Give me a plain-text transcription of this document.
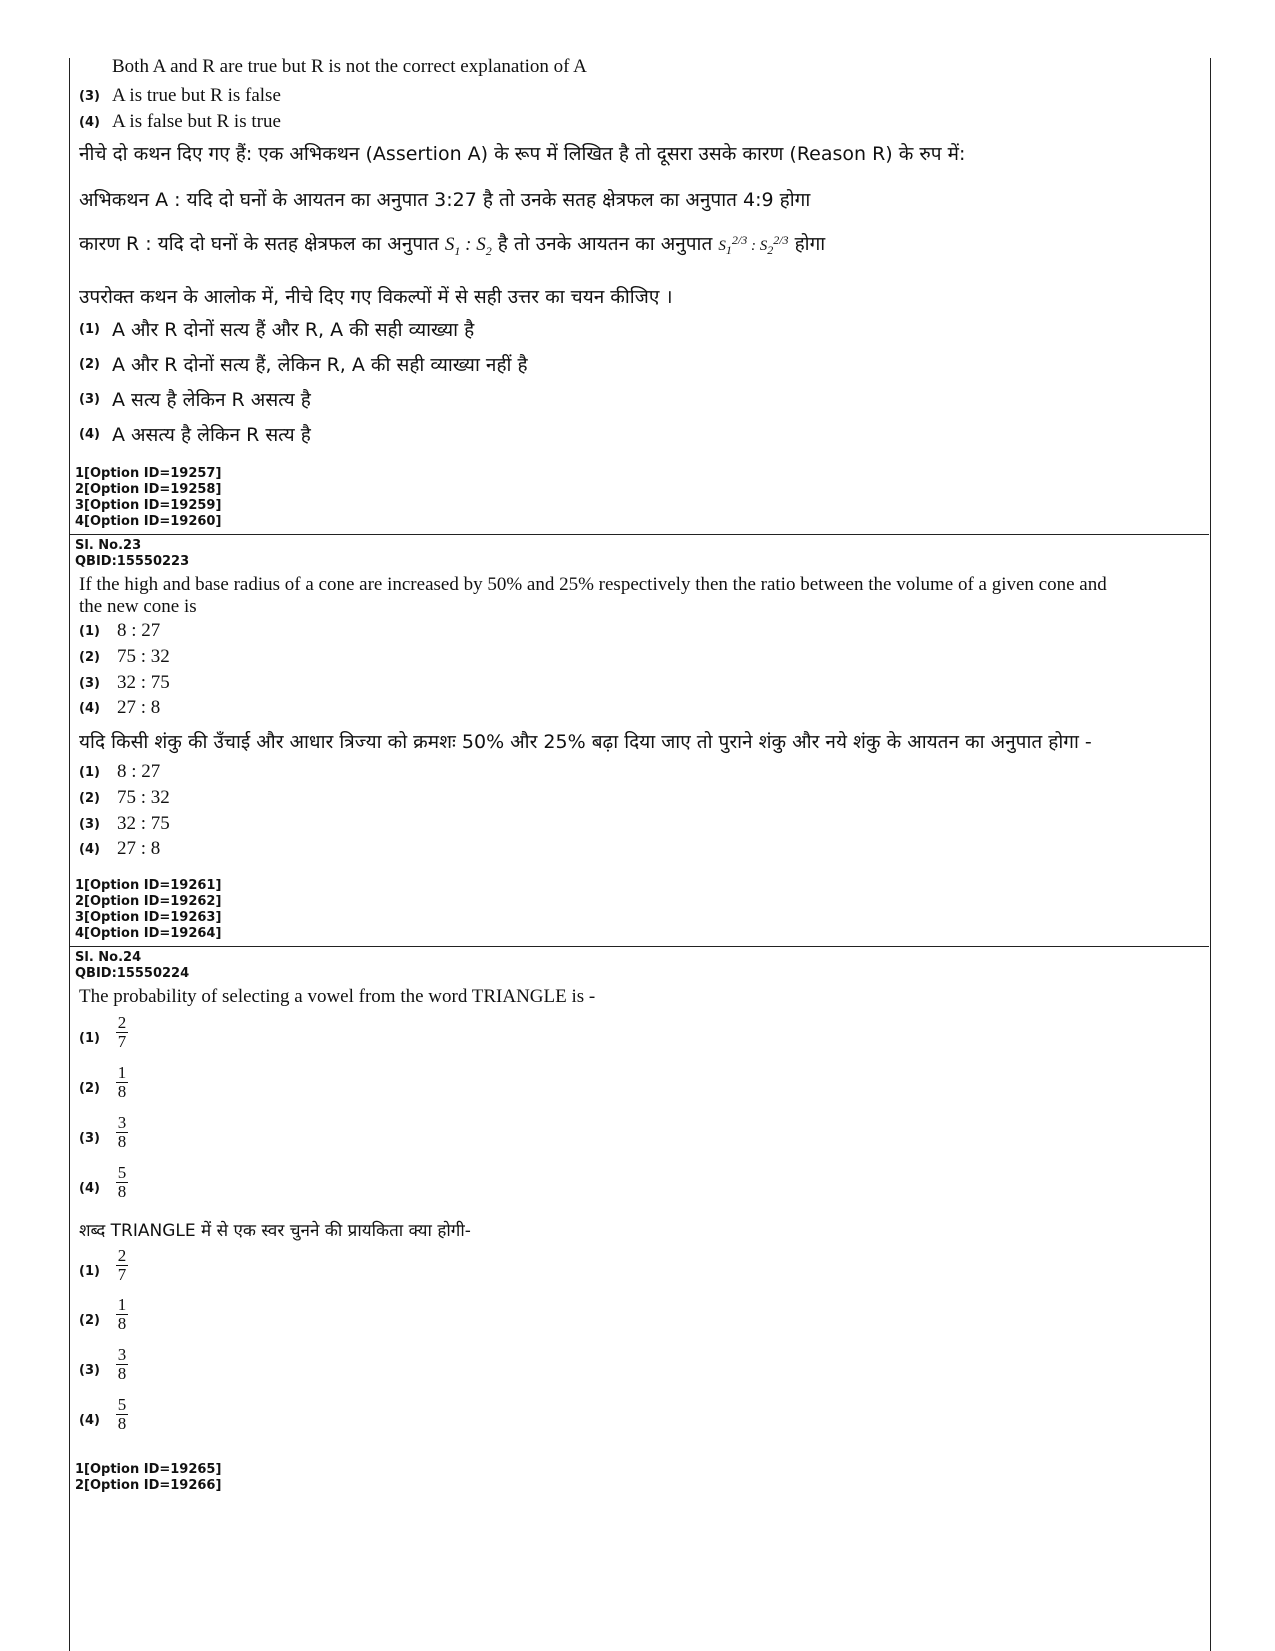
Both A and R are true but R is not the correct explanation of A
(3) A is true but R is false
(4) A is false but R is true
नीचे दो कथन दिए गए हैं: एक अभिकथन (Assertion A) के रूप में लिखित है तो दूसरा उसके कारण (Reason R) के रुप में:
अभिकथन A : यदि दो घनों के आयतन का अनुपात 3:27 है तो उनके सतह क्षेत्रफल का अनुपात 4:9 होगा
कारण R : यदि दो घनों के सतह क्षेत्रफल का अनुपात $S_1$ : $S_2$ है तो उनके आयतन का अनुपात $S_1^{2/3}$ : $S_2^{2/3}$ होगा
उपरोक्त कथन के आलोक में, नीचे दिए गए विकल्पों में से सही उत्तर का चयन कीजिए ।
(1) A और R दोनों सत्य हैं और R, A की सही व्याख्या है
(2) A और R दोनों सत्य हैं, लेकिन R, A की सही व्याख्या नहीं है
(3) A सत्य है लेकिन R असत्य है
(4) A असत्य है लेकिन R सत्य है
1[Option ID=19257]
2[Option ID=19258]
3[Option ID=19259]
4[Option ID=19260]
Sl. No.23
QBID:15550223
If the high and base radius of a cone are increased by 50% and 25% respectively then the ratio between the volume of a given cone and
the new cone is
(1) 8 : 27
(2) 75 : 32
(3) 32 : 75
(4) 27 : 8
यदि किसी शंकु की उँचाई और आधार त्रिज्या को क्रमशः 50% और 25% बढ़ा दिया जाए तो पुराने शंकु और नये शंकु के आयतन का अनुपात होगा -
(1) 8 : 27
(2) 75 : 32
(3) 32 : 75
(4) 27 : 8
1[Option ID=19261]
2[Option ID=19262]
3[Option ID=19263]
4[Option ID=19264]
Sl. No.24
QBID:15550224
The probability of selecting a vowel from the word TRIANGLE is -
(1)
2
7
(2)
1
8
(3)
3
8
(4)
5
8
शब्द TRIANGLE में से एक स्वर चुनने की प्रायकिता क्या होगी-
(1)
2
7
(2)
1
8
(3)
3
8
(4)
5
8
1[Option ID=19265]
2[Option ID=19266]
